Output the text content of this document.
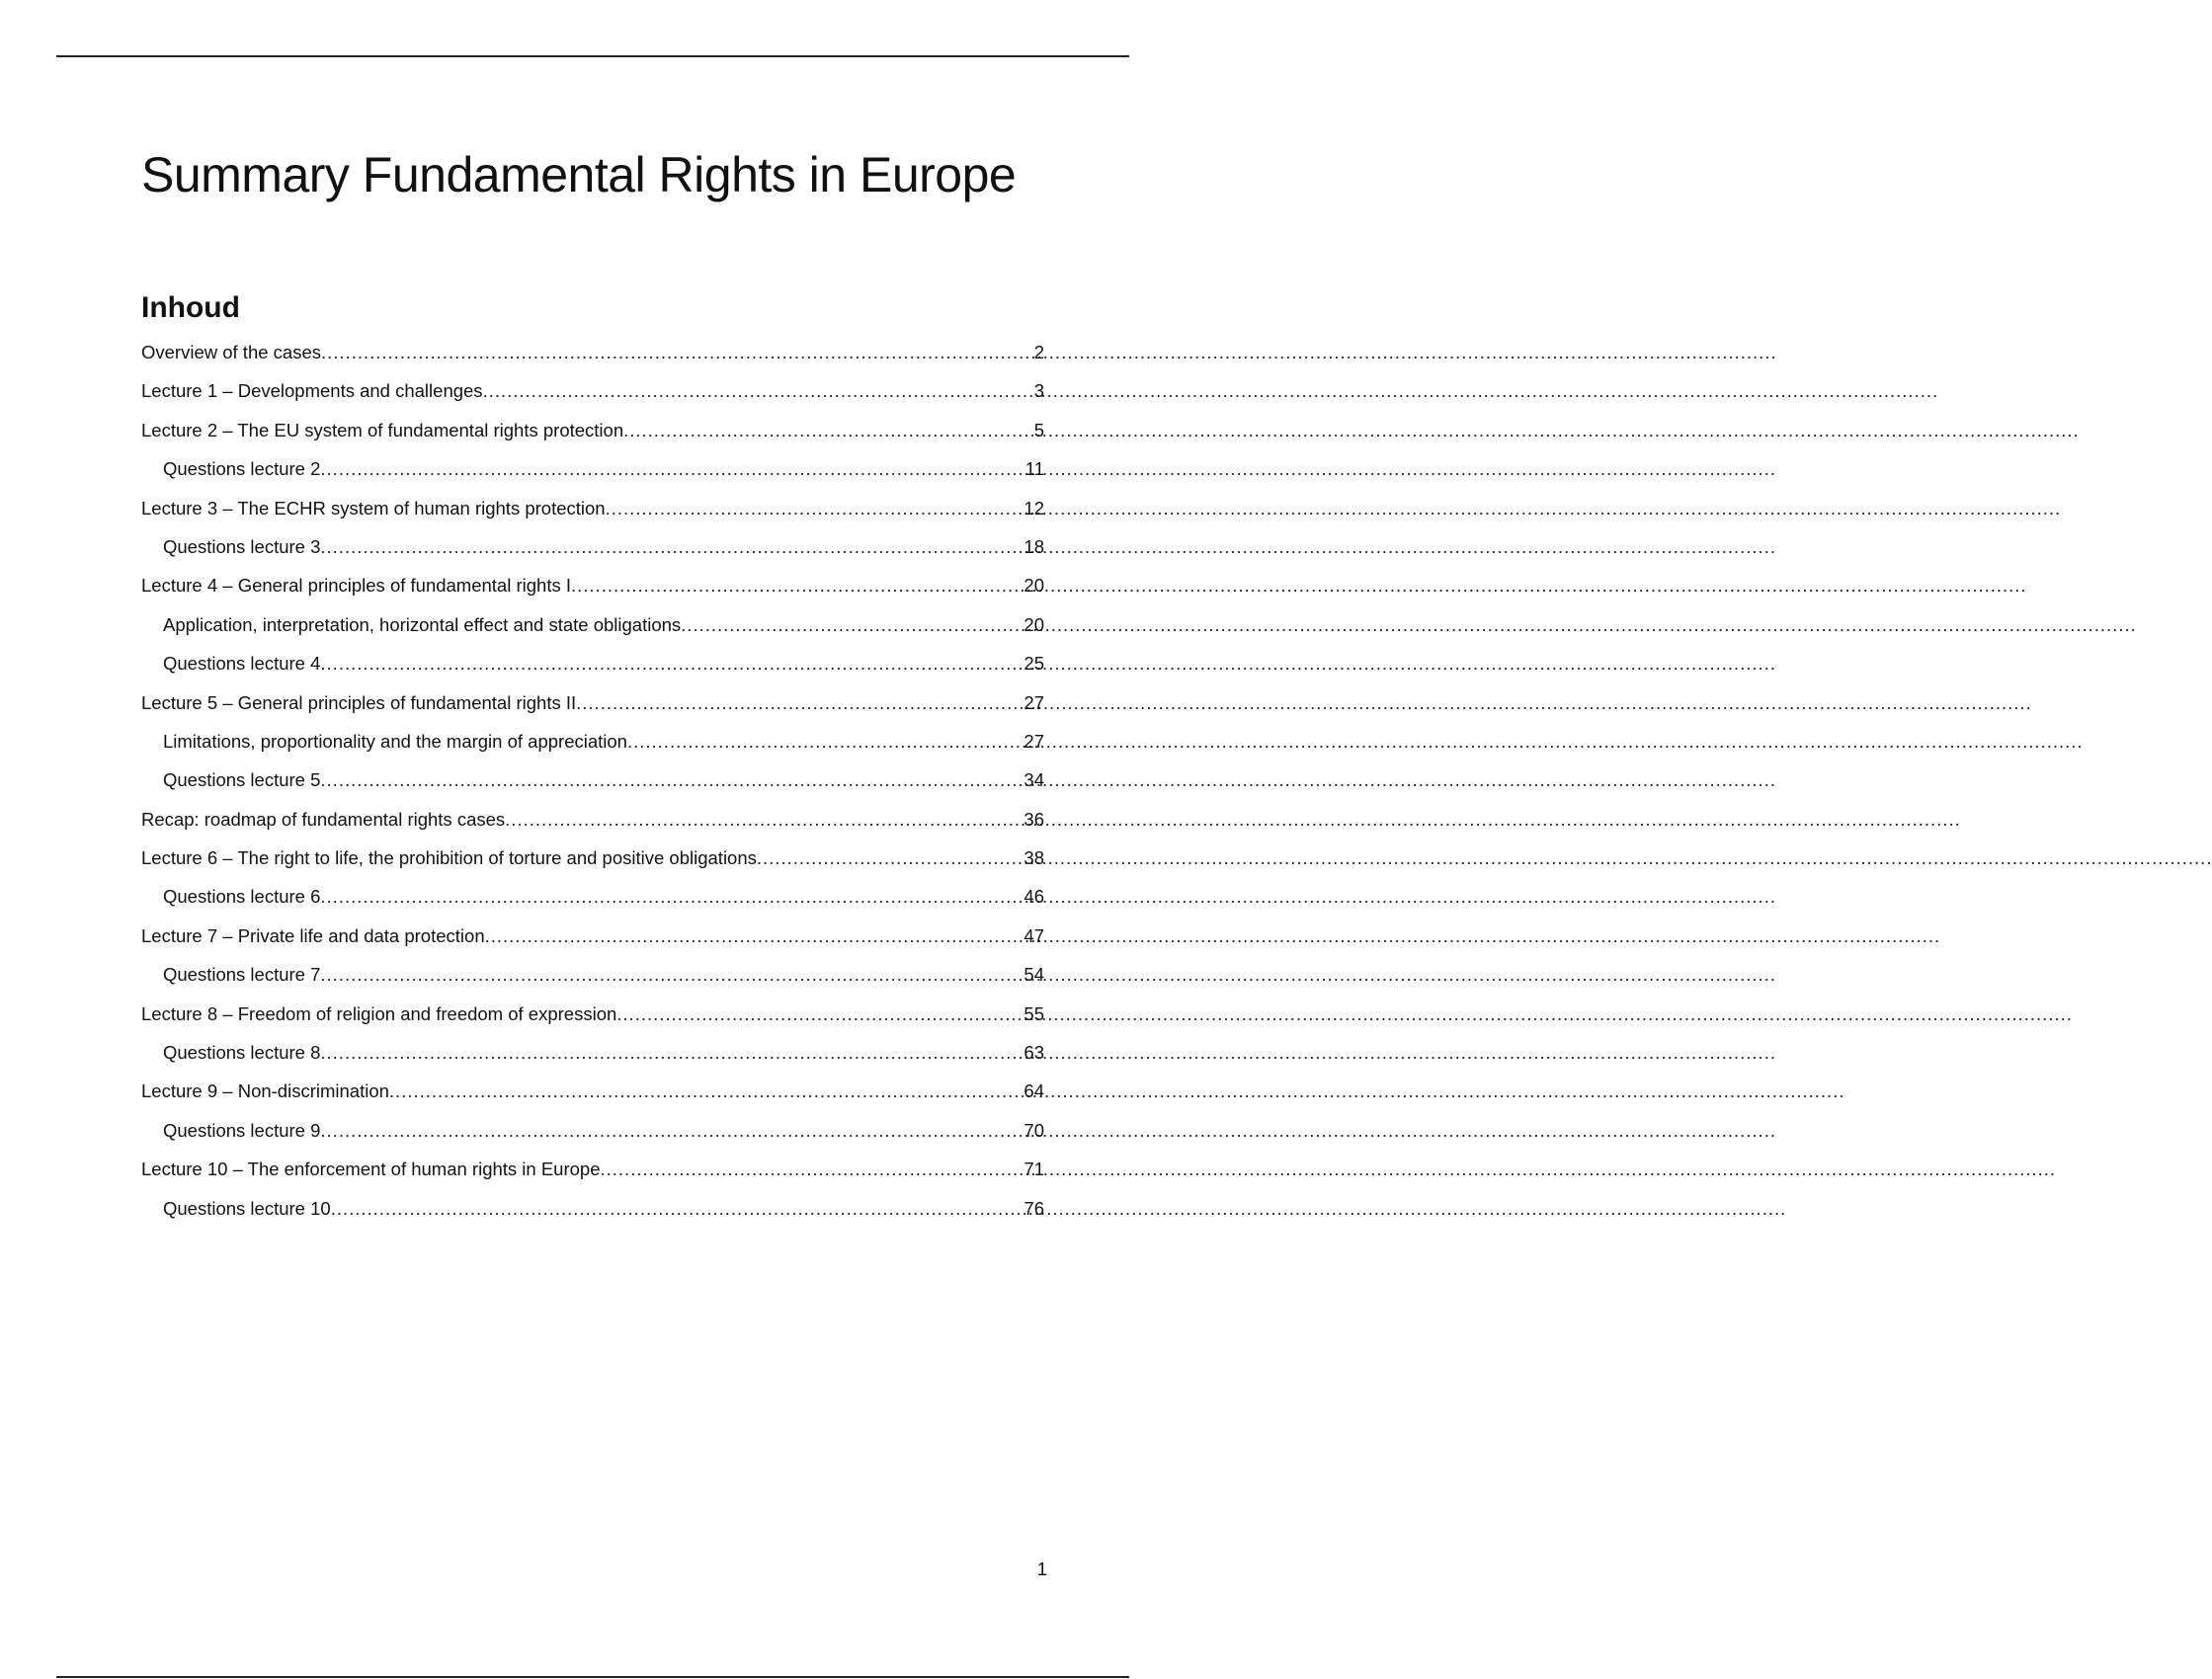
Summary Fundamental Rights in Europe
Inhoud
Overview of the cases .....	2
Lecture 1 – Developments and challenges .....	3
Lecture 2 – The EU system of fundamental rights protection .....	5
Questions lecture 2 .....	11
Lecture 3 – The ECHR system of human rights protection .....	12
Questions lecture 3 .....	18
Lecture 4 – General principles of fundamental rights I .....	20
Application, interpretation, horizontal effect and state obligations .....	20
Questions lecture 4 .....	25
Lecture 5 – General principles of fundamental rights II .....	27
Limitations, proportionality and the margin of appreciation .....	27
Questions lecture 5 .....	34
Recap: roadmap of fundamental rights cases .....	36
Lecture 6 – The right to life, the prohibition of torture and positive obligations .....	38
Questions lecture 6 .....	46
Lecture 7 – Private life and data protection .....	47
Questions lecture 7 .....	54
Lecture 8 – Freedom of religion and freedom of expression .....	55
Questions lecture 8 .....	63
Lecture 9 – Non-discrimination .....	64
Questions lecture 9 .....	70
Lecture 10 – The enforcement of human rights in Europe .....	71
Questions lecture 10 .....	76
1
